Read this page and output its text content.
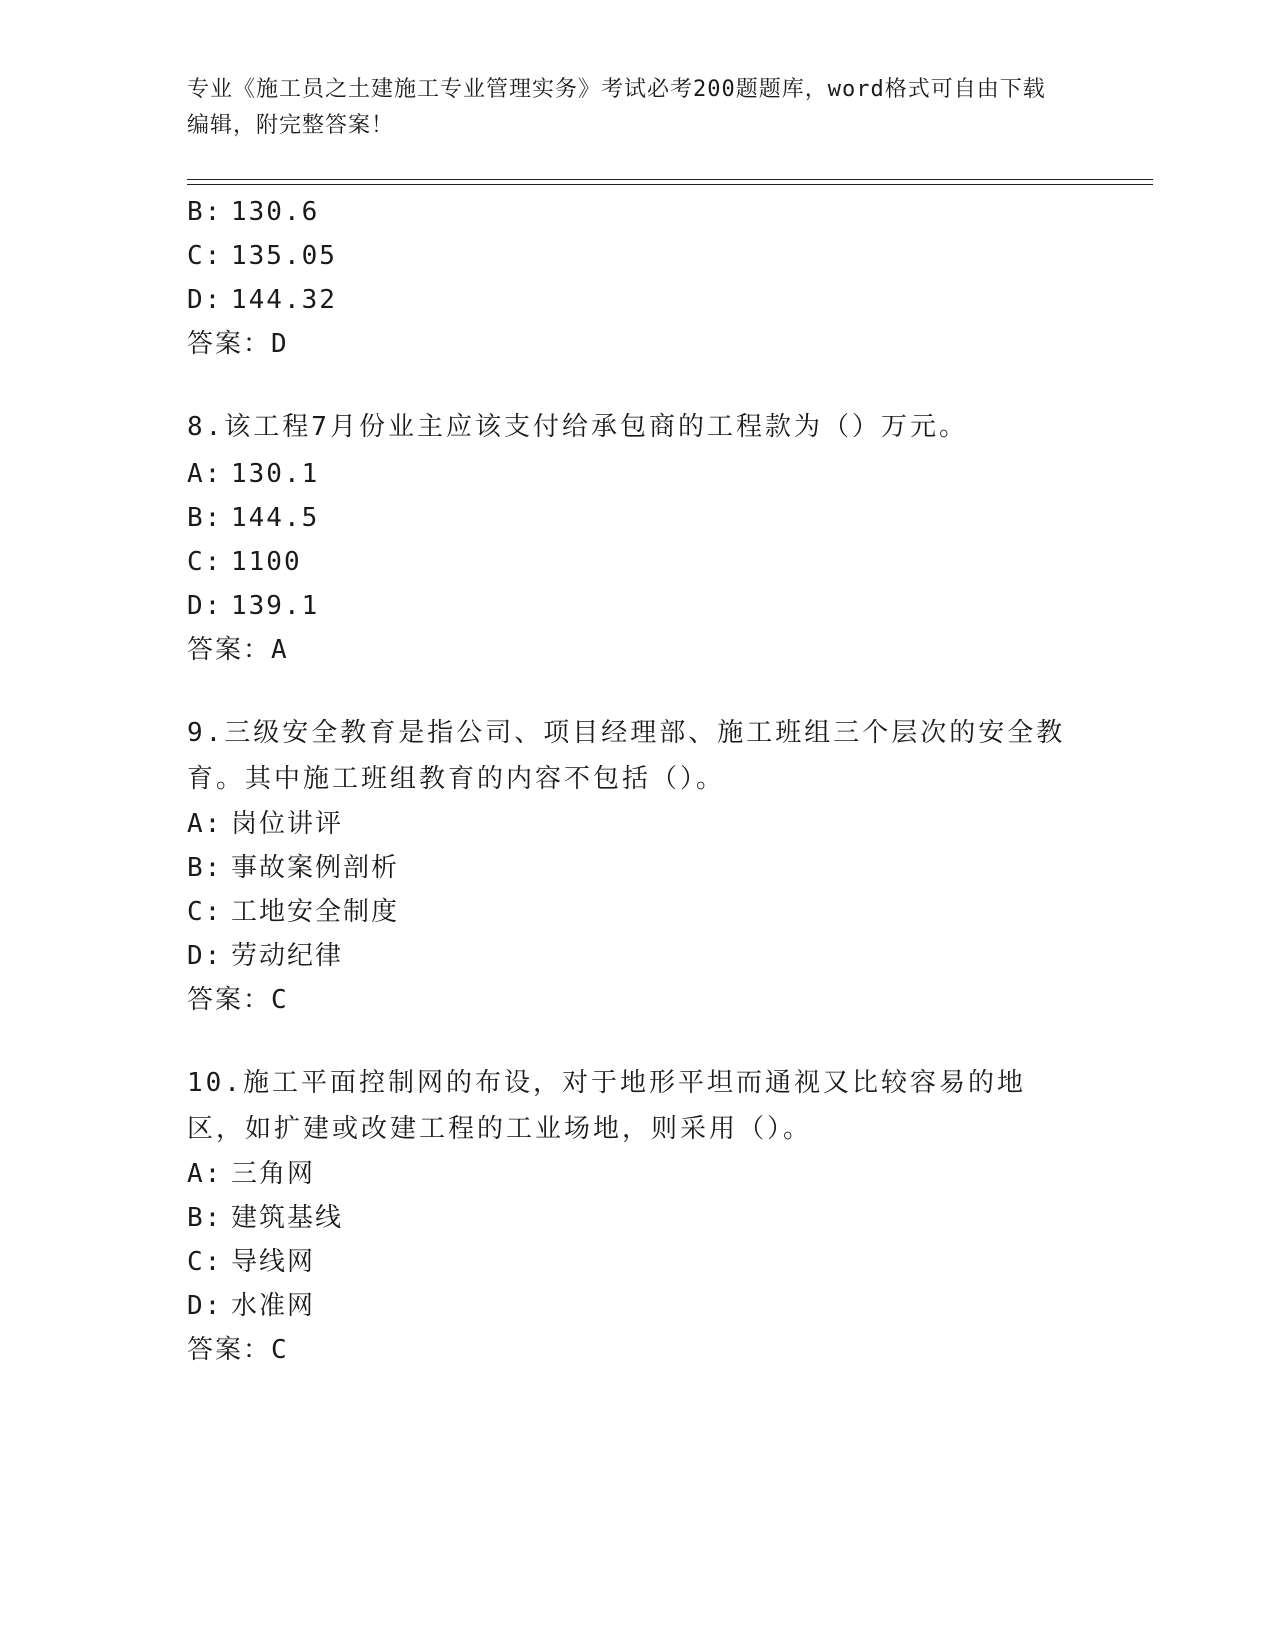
专业《施工员之土建施工专业管理实务》考试必考200题题库，word格式可自由下载编辑，附完整答案！
B: 130.6
C: 135.05
D: 144.32
答案：D
8.该工程7月份业主应该支付给承包商的工程款为（）万元。
A: 130.1
B: 144.5
C: 1100
D: 139.1
答案：A
9.三级安全教育是指公司、项目经理部、施工班组三个层次的安全教育。其中施工班组教育的内容不包括（）。
A: 岗位讲评
B: 事故案例剖析
C: 工地安全制度
D: 劳动纪律
答案：C
10.施工平面控制网的布设，对于地形平坦而通视又比较容易的地区，如扩建或改建工程的工业场地，则采用（）。
A: 三角网
B: 建筑基线
C: 导线网
D: 水准网
答案：C
